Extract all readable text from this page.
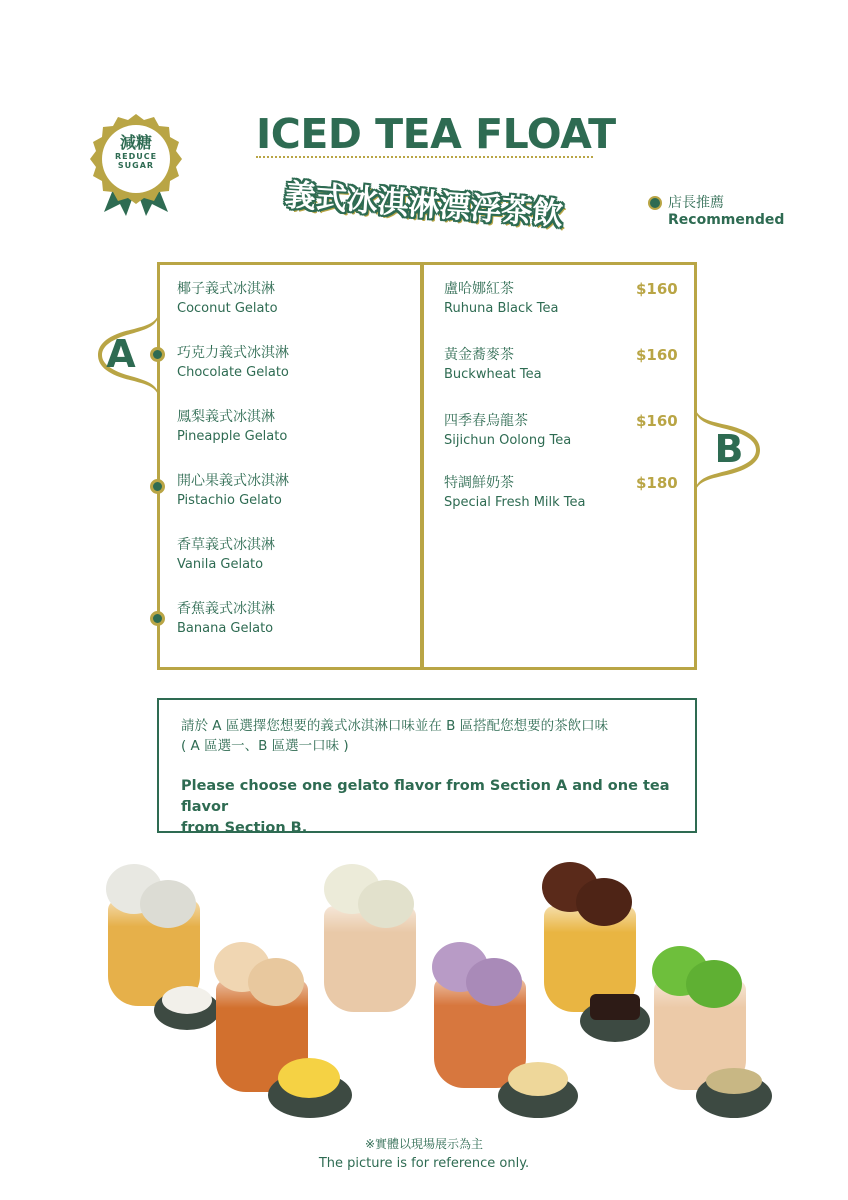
減糖
REDUCE
SUGAR
ICED TEA FLOAT
義式冰淇淋漂浮茶飲	店長推薦
Recommended
A
B
椰子義式冰淇淋
Coconut Gelato
巧克力義式冰淇淋
Chocolate Gelato
鳳梨義式冰淇淋
Pineapple Gelato
開心果義式冰淇淋
Pistachio Gelato
香草義式冰淇淋
Vanila Gelato
香蕉義式冰淇淋
Banana Gelato
盧哈娜紅茶
Ruhuna Black Tea
$160
黃金蕎麥茶
Buckwheat Tea
$160
四季春烏龍茶
Sijichun Oolong Tea
$160
特調鮮奶茶
Special Fresh Milk Tea
$180
請於 A 區選擇您想要的義式冰淇淋口味並在 B 區搭配您想要的茶飲口味
( A 區選一、B 區選一口味 )
Please choose one gelato flavor from Section A and one tea flavor
from Section B.
※實體以現場展示為主
The picture is for reference only.
